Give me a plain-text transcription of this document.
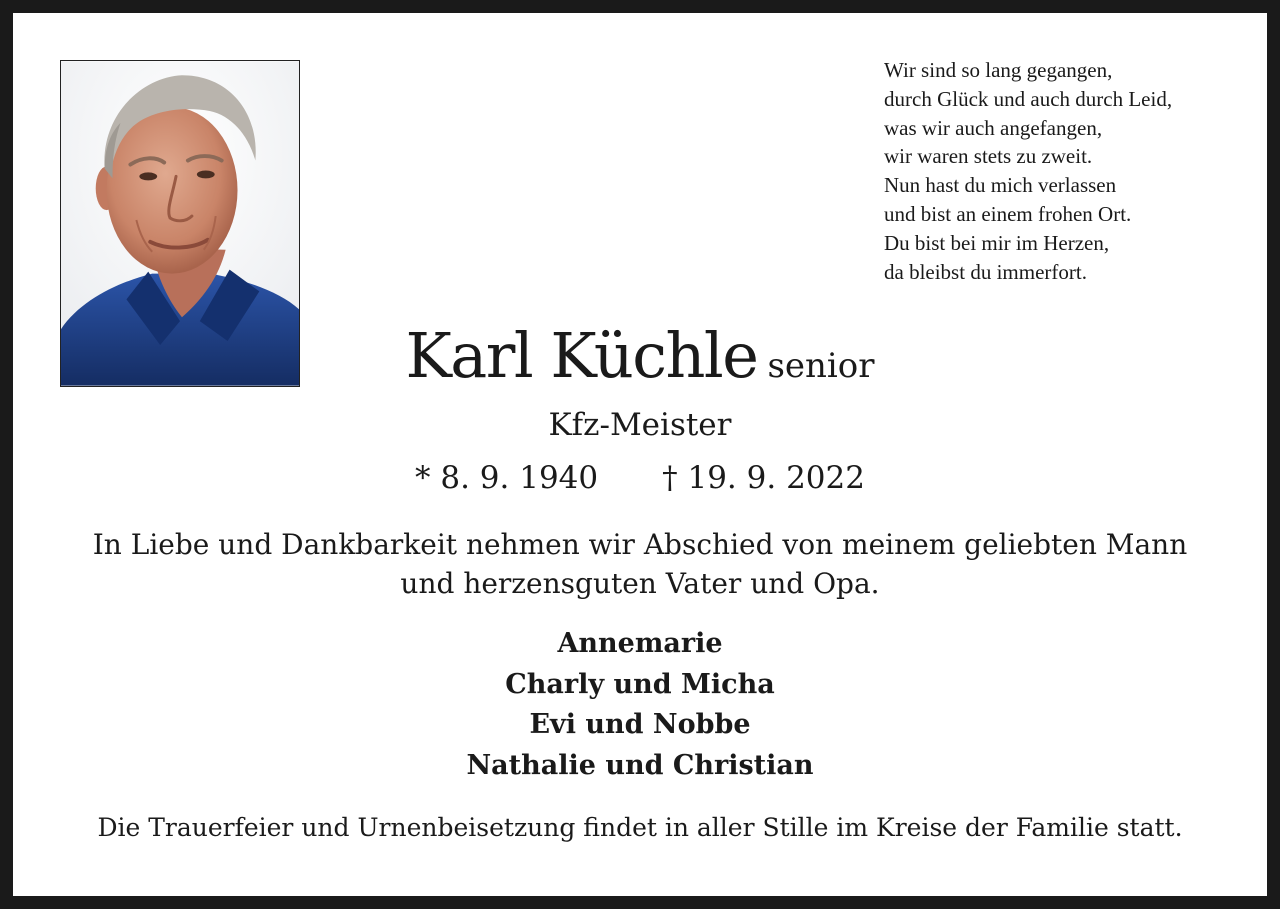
Wir sind so lang gegangen,
durch Glück und auch durch Leid,
was wir auch angefangen,
wir waren stets zu zweit.
Nun hast du mich verlassen
und bist an einem frohen Ort.
Du bist bei mir im Herzen,
da bleibst du immerfort.
Karl Küchle senior
Kfz-Meister
* 8. 9. 1940 † 19. 9. 2022
In Liebe und Dankbarkeit nehmen wir Abschied von meinem geliebten Mann
und herzensguten Vater und Opa.
Annemarie
Charly und Micha
Evi und Nobbe
Nathalie und Christian
Die Trauerfeier und Urnenbeisetzung findet in aller Stille im Kreise der Familie statt.
